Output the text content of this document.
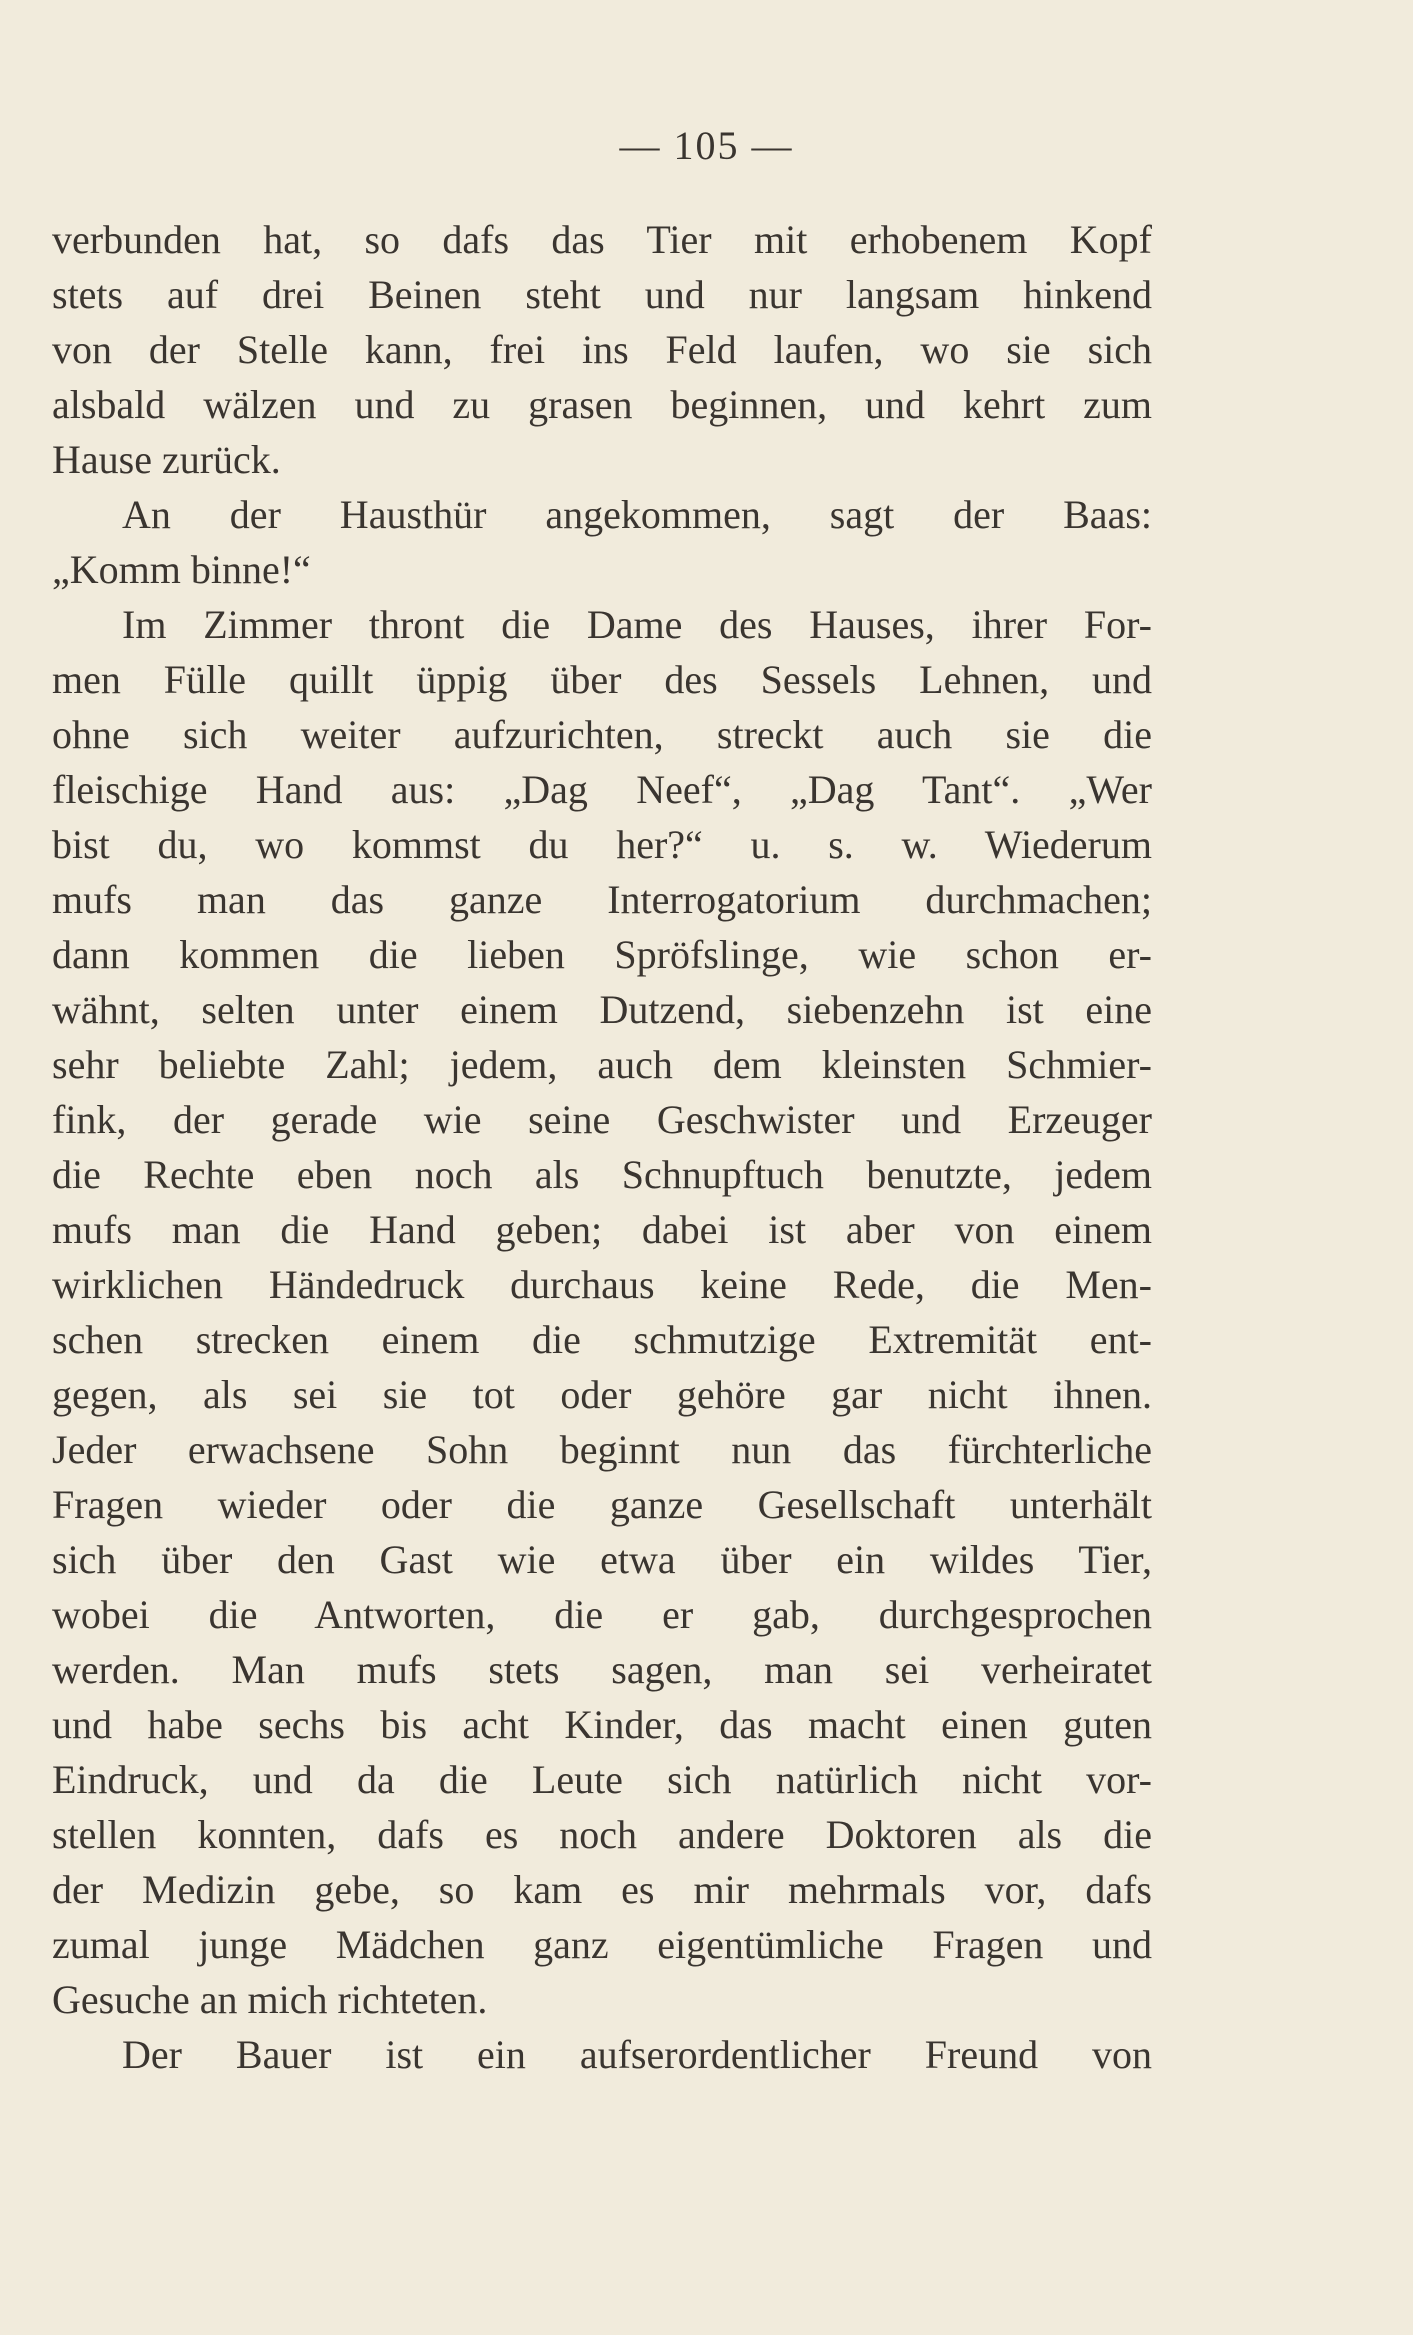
— 105 —
verbunden hat, so dafs das Tier mit erhobenem Kopf
stets auf drei Beinen steht und nur langsam hinkend
von der Stelle kann, frei ins Feld laufen, wo sie sich
alsbald wälzen und zu grasen beginnen, und kehrt zum
Hause zurück.
An der Hausthür angekommen, sagt der Baas:
„Komm binne!“
Im Zimmer thront die Dame des Hauses, ihrer For-
men Fülle quillt üppig über des Sessels Lehnen, und
ohne sich weiter aufzurichten, streckt auch sie die
fleischige Hand aus: „Dag Neef“, „Dag Tant“. „Wer
bist du, wo kommst du her?“ u. s. w. Wiederum
mufs man das ganze Interrogatorium durchmachen;
dann kommen die lieben Spröfslinge, wie schon er-
wähnt, selten unter einem Dutzend, siebenzehn ist eine
sehr beliebte Zahl; jedem, auch dem kleinsten Schmier-
fink, der gerade wie seine Geschwister und Erzeuger
die Rechte eben noch als Schnupftuch benutzte, jedem
mufs man die Hand geben; dabei ist aber von einem
wirklichen Händedruck durchaus keine Rede, die Men-
schen strecken einem die schmutzige Extremität ent-
gegen, als sei sie tot oder gehöre gar nicht ihnen.
Jeder erwachsene Sohn beginnt nun das fürchterliche
Fragen wieder oder die ganze Gesellschaft unterhält
sich über den Gast wie etwa über ein wildes Tier,
wobei die Antworten, die er gab, durchgesprochen
werden. Man mufs stets sagen, man sei verheiratet
und habe sechs bis acht Kinder, das macht einen guten
Eindruck, und da die Leute sich natürlich nicht vor-
stellen konnten, dafs es noch andere Doktoren als die
der Medizin gebe, so kam es mir mehrmals vor, dafs
zumal junge Mädchen ganz eigentümliche Fragen und
Gesuche an mich richteten.
Der Bauer ist ein aufserordentlicher Freund von
